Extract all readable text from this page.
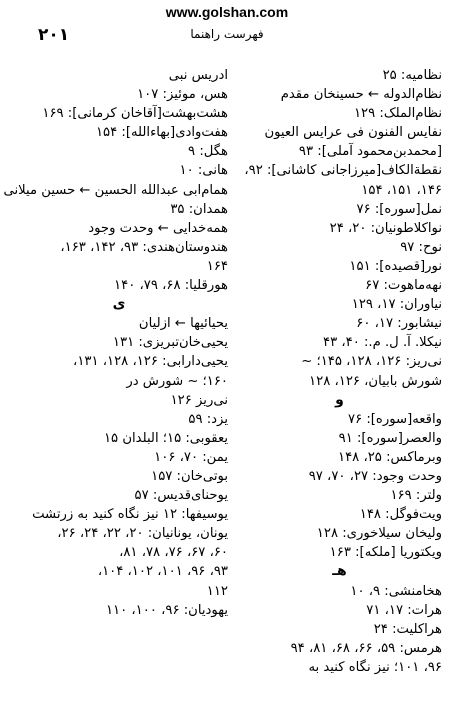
www.golshan.com
فهرست راهنما
۲۰۱
نظامیه: ۲۵
نظام‌الدوله ← حسینخان مقدم
نظام‌الملک: ۱۲۹
نفایس الفنون فی عرایس العیون
[محمدبن‌محمود آملی]: ۹۳
نقطةالکاف[میرزاجانی کاشانی]: ۹۲،
۱۴۶، ۱۵۱، ۱۵۴
نمل[سوره]: ۷۶
نواکلاطونیان: ۲۰، ۲۴
نوح: ۹۷
نور[قصیده]: ۱۵۱
نهه‌ماهوت: ۶۷
نیاوران: ۱۷، ۱۲۹
نیشابور: ۱۷، ۶۰
نیکلا. آ. ل. م.: ۴۰، ۴۳
نی‌ریز: ۱۲۶، ۱۲۸، ۱۴۵؛ ~
شورش بابیان، ۱۲۶، ۱۲۸
و
واقعه[سوره]: ۷۶
والعصر[سوره]: ۹۱
وبرماکس: ۲۵، ۱۴۸
وحدت وجود: ۲۷، ۷۰، ۹۷
ولتر: ۱۶۹
ویت‌فوگل: ۱۴۸
ولیخان سیلاخوری: ۱۲۸
ویکتوریا [ملکه]: ۱۶۳
هـ
هخامنشی: ۹، ۱۰
هرات: ۱۷، ۷۱
هراکلیت: ۲۴
هرمس: ۵۹، ۶۶، ۶۸، ۸۱، ۹۴
۹۶، ۱۰۱؛ نیز نگاه کنید به
ادریس نبی
هس، موئیز: ۱۰۷
هشت‌بهشت[آقاخان کرمانی]: ۱۶۹
هفت‌وادی[بهاءالله]: ۱۵۴
هگل: ۹
هانی: ۱۰
همام‌ابی عبدالله الحسین ← حسین میلانی
همدان: ۳۵
همه‌خدایی ← وحدت وجود
هندوستان‌هندی: ۹۳، ۱۴۲، ۱۶۳،
۱۶۴
هورقلیا: ۶۸، ۷۹، ۱۴۰
ی
یحیائیها ← ازلیان
یحیی‌خان‌تبریزی: ۱۳۱
یحیی‌دارابی: ۱۲۶، ۱۲۸، ۱۳۱،
۱۶۰؛ ~ شورش در
نی‌ریز ۱۲۶
یزد: ۵۹
یعقوبی: ۱۵؛ البلدان ۱۵
یمن: ۷۰، ۱۰۶
بوتی‌خان: ۱۵۷
یوحنای‌قدیس: ۵۷
یوسیفها: ۱۲ نیز نگاه کنید به زرتشت
یونان، یونانیان: ۲۰، ۲۲، ۲۴، ۲۶،
۶۰، ۶۷، ۷۶، ۷۸، ۸۱،
۹۳، ۹۶، ۱۰۱، ۱۰۲، ۱۰۴،
۱۱۲
یهودیان: ۹۶، ۱۰۰، ۱۱۰
